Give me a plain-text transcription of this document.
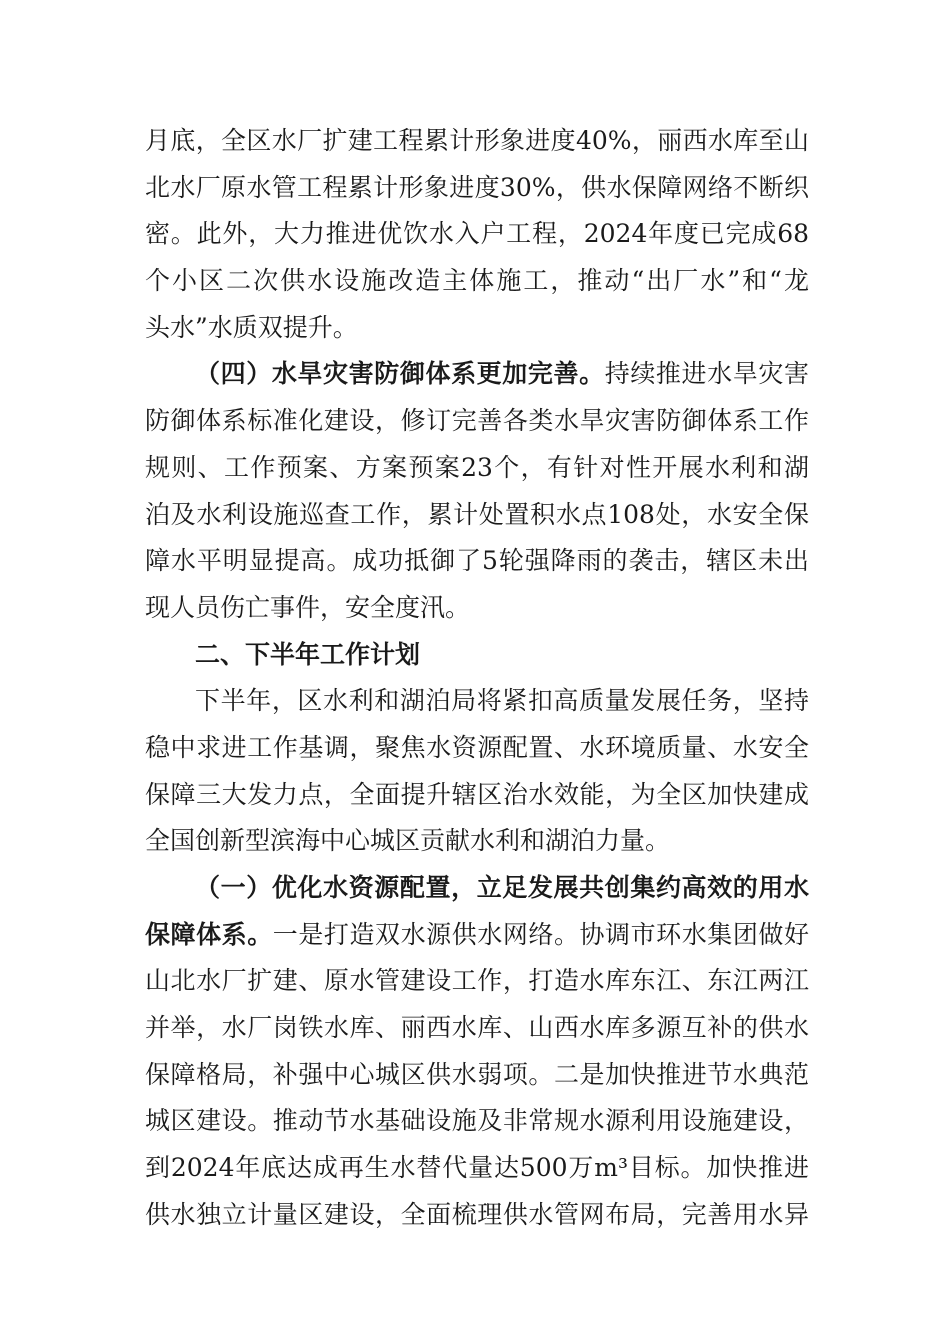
月底，全区水厂扩建工程累计形象进度40%，丽西水库至山
北水厂原水管工程累计形象进度30%，供水保障网络不断织
密。此外，大力推进优饮水入户工程，2024年度已完成68
个小区二次供水设施改造主体施工，推动“出厂水”和“龙
头水”水质双提升。
（四）水旱灾害防御体系更加完善。持续推进水旱灾害
防御体系标准化建设，修订完善各类水旱灾害防御体系工作
规则、工作预案、方案预案23个，有针对性开展水利和湖
泊及水利设施巡查工作，累计处置积水点108处，水安全保
障水平明显提高。成功抵御了5轮强降雨的袭击，辖区未出
现人员伤亡事件，安全度汛。
二、下半年工作计划
下半年，区水利和湖泊局将紧扣高质量发展任务，坚持
稳中求进工作基调，聚焦水资源配置、水环境质量、水安全
保障三大发力点，全面提升辖区治水效能，为全区加快建成
全国创新型滨海中心城区贡献水利和湖泊力量。
（一）优化水资源配置，立足发展共创集约高效的用水
保障体系。一是打造双水源供水网络。协调市环水集团做好
山北水厂扩建、原水管建设工作，打造水库东江、东江两江
并举，水厂岗铁水库、丽西水库、山西水库多源互补的供水
保障格局，补强中心城区供水弱项。二是加快推进节水典范
城区建设。推动节水基础设施及非常规水源利用设施建设，
到2024年底达成再生水替代量达500万m³目标。加快推进
供水独立计量区建设，全面梳理供水管网布局，完善用水异
